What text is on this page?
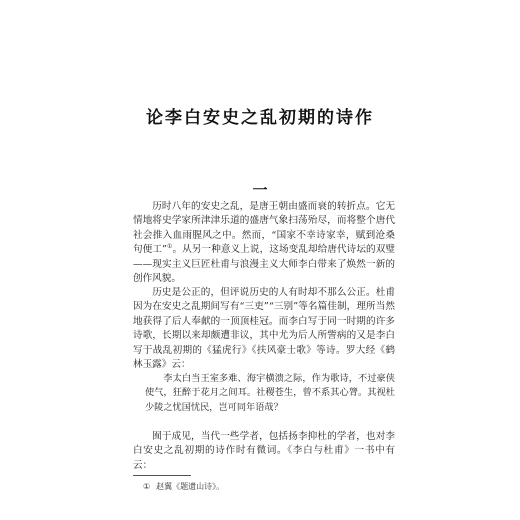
论李白安史之乱初期的诗作
一
历时八年的安史之乱，是唐王朝由盛而衰的转折点。它无情地将史学家所津津乐道的盛唐气象扫荡殆尽，而将整个唐代社会推入血雨腥风之中。然而，“国家不幸诗家幸，赋到沧桑句便工”①。从另一种意义上说，这场变乱却给唐代诗坛的双璧——现实主义巨匠杜甫与浪漫主义大师李白带来了焕然一新的创作风貌。
历史是公正的，但评说历史的人有时却不那么公正。杜甫因为在安史之乱期间写有“三吏”“三别”等名篇佳制，理所当然地获得了后人奉献的一顶顶桂冠。而李白写于同一时期的许多诗歌，长期以来却颇遭非议，其中尤为后人所訾病的又是李白写于战乱初期的《猛虎行》《扶风豪士歌》等诗。罗大经《鹤林玉露》云：
李太白当王室多难、海宇横溃之际，作为歌诗，不过豪侠使气，狂醉于花月之间耳。社稷苍生，曾不系其心膂。其视杜少陵之忧国忧民，岂可同年语哉？
囿于成见，当代一些学者，包括扬李抑杜的学者，也对李白安史之乱初期的诗作时有微词。《李白与杜甫》一书中有云：
① 赵翼《题遗山诗》。
